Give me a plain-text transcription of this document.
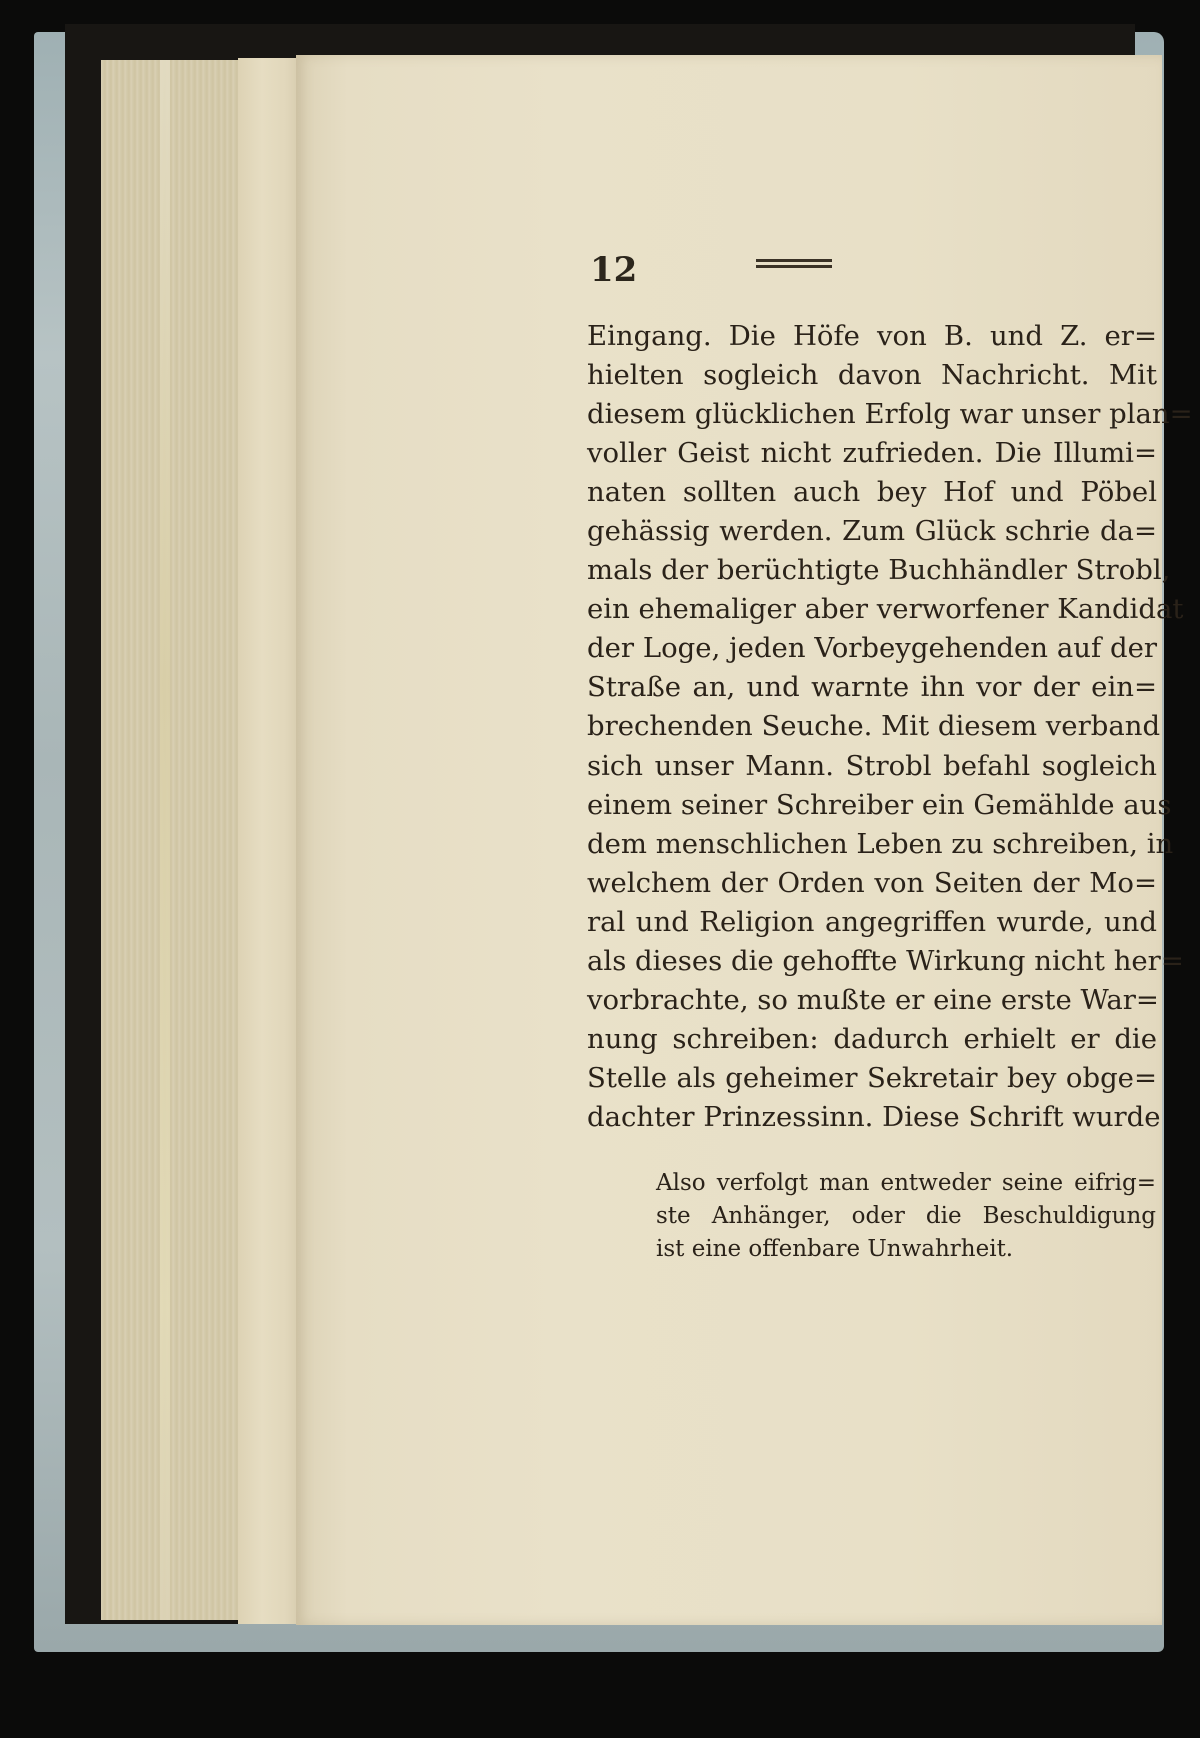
12
Eingang. Die Höfe von B. und Z. er=
hielten sogleich davon Nachricht. Mit
diesem glücklichen Erfolg war unser plan=
voller Geist nicht zufrieden. Die Illumi=
naten sollten auch bey Hof und Pöbel
gehässig werden. Zum Glück schrie da=
mals der berüchtigte Buchhändler Strobl,
ein ehemaliger aber verworfener Kandidat
der Loge, jeden Vorbeygehenden auf der
Straße an, und warnte ihn vor der ein=
brechenden Seuche. Mit diesem verband
sich unser Mann. Strobl befahl sogleich
einem seiner Schreiber ein Gemählde aus
dem menschlichen Leben zu schreiben, in
welchem der Orden von Seiten der Mo=
ral und Religion angegriffen wurde, und
als dieses die gehoffte Wirkung nicht her=
vorbrachte, so mußte er eine erste War=
nung schreiben: dadurch erhielt er die
Stelle als geheimer Sekretair bey obge=
dachter Prinzessinn. Diese Schrift wurde
Also verfolgt man entweder seine eifrig=
ste Anhänger, oder die Beschuldigung
ist eine offenbare Unwahrheit.
